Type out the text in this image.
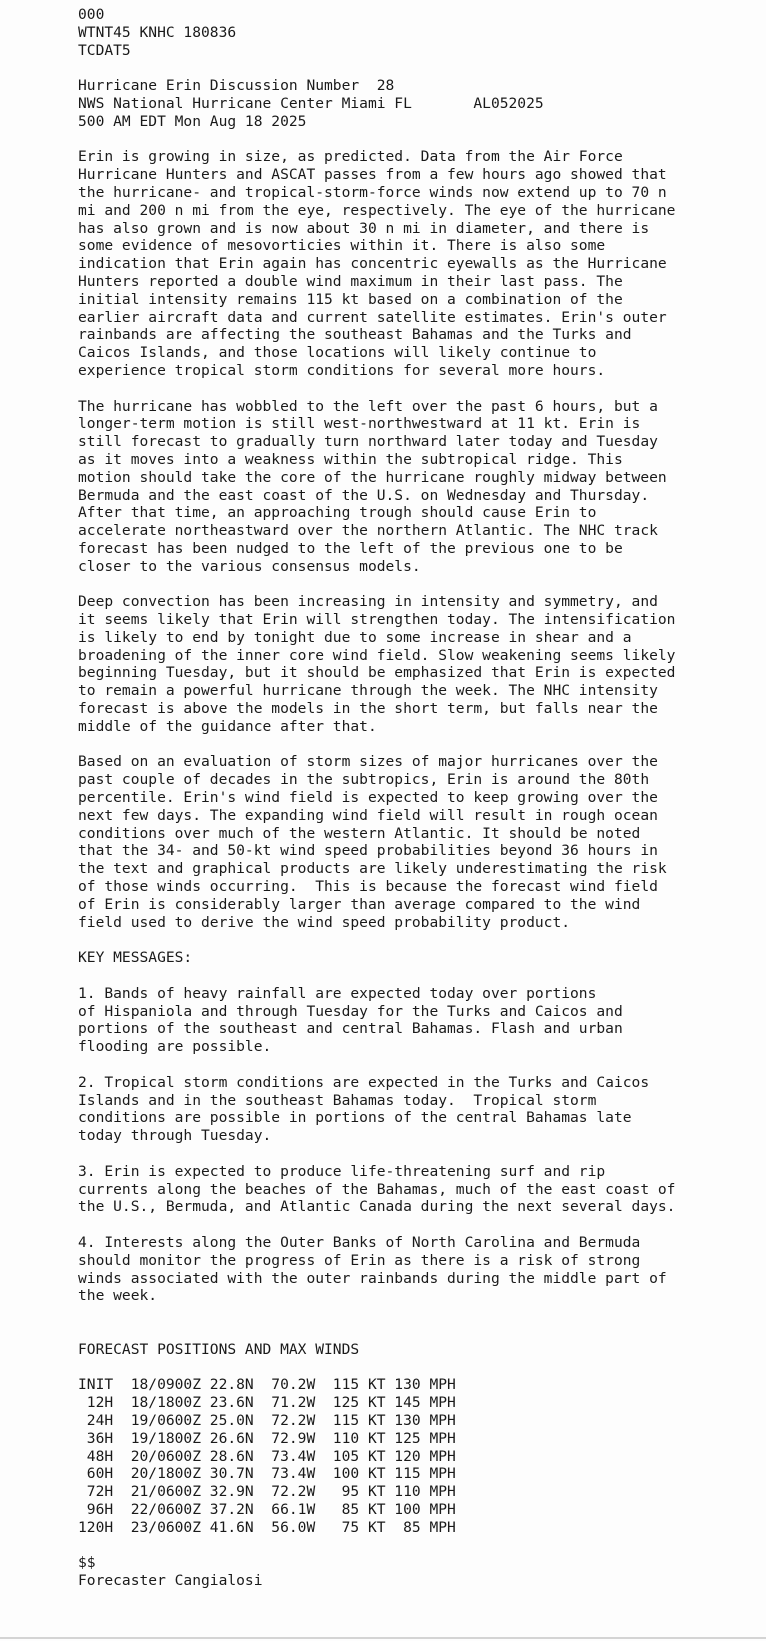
000
WTNT45 KNHC 180836
TCDAT5
Hurricane Erin Discussion Number  28
NWS National Hurricane Center Miami FL       AL052025
500 AM EDT Mon Aug 18 2025
Erin is growing in size, as predicted. Data from the Air Force
Hurricane Hunters and ASCAT passes from a few hours ago showed that
the hurricane- and tropical-storm-force winds now extend up to 70 n
mi and 200 n mi from the eye, respectively. The eye of the hurricane
has also grown and is now about 30 n mi in diameter, and there is
some evidence of mesovorticies within it. There is also some
indication that Erin again has concentric eyewalls as the Hurricane
Hunters reported a double wind maximum in their last pass. The
initial intensity remains 115 kt based on a combination of the
earlier aircraft data and current satellite estimates. Erin's outer
rainbands are affecting the southeast Bahamas and the Turks and
Caicos Islands, and those locations will likely continue to
experience tropical storm conditions for several more hours.
The hurricane has wobbled to the left over the past 6 hours, but a
longer-term motion is still west-northwestward at 11 kt. Erin is
still forecast to gradually turn northward later today and Tuesday
as it moves into a weakness within the subtropical ridge. This
motion should take the core of the hurricane roughly midway between
Bermuda and the east coast of the U.S. on Wednesday and Thursday.
After that time, an approaching trough should cause Erin to
accelerate northeastward over the northern Atlantic. The NHC track
forecast has been nudged to the left of the previous one to be
closer to the various consensus models.
Deep convection has been increasing in intensity and symmetry, and
it seems likely that Erin will strengthen today. The intensification
is likely to end by tonight due to some increase in shear and a
broadening of the inner core wind field. Slow weakening seems likely
beginning Tuesday, but it should be emphasized that Erin is expected
to remain a powerful hurricane through the week. The NHC intensity
forecast is above the models in the short term, but falls near the
middle of the guidance after that.
Based on an evaluation of storm sizes of major hurricanes over the
past couple of decades in the subtropics, Erin is around the 80th
percentile. Erin's wind field is expected to keep growing over the
next few days. The expanding wind field will result in rough ocean
conditions over much of the western Atlantic. It should be noted
that the 34- and 50-kt wind speed probabilities beyond 36 hours in
the text and graphical products are likely underestimating the risk
of those winds occurring.  This is because the forecast wind field
of Erin is considerably larger than average compared to the wind
field used to derive the wind speed probability product.
KEY MESSAGES:
1. Bands of heavy rainfall are expected today over portions
of Hispaniola and through Tuesday for the Turks and Caicos and
portions of the southeast and central Bahamas. Flash and urban
flooding are possible.
2. Tropical storm conditions are expected in the Turks and Caicos
Islands and in the southeast Bahamas today.  Tropical storm
conditions are possible in portions of the central Bahamas late
today through Tuesday.
3. Erin is expected to produce life-threatening surf and rip
currents along the beaches of the Bahamas, much of the east coast of
the U.S., Bermuda, and Atlantic Canada during the next several days.
4. Interests along the Outer Banks of North Carolina and Bermuda
should monitor the progress of Erin as there is a risk of strong
winds associated with the outer rainbands during the middle part of
the week.
FORECAST POSITIONS AND MAX WINDS
INIT  18/0900Z 22.8N  70.2W  115 KT 130 MPH
12H  18/1800Z 23.6N  71.2W  125 KT 145 MPH
24H  19/0600Z 25.0N  72.2W  115 KT 130 MPH
36H  19/1800Z 26.6N  72.9W  110 KT 125 MPH
48H  20/0600Z 28.6N  73.4W  105 KT 120 MPH
60H  20/1800Z 30.7N  73.4W  100 KT 115 MPH
72H  21/0600Z 32.9N  72.2W   95 KT 110 MPH
96H  22/0600Z 37.2N  66.1W   85 KT 100 MPH
120H  23/0600Z 41.6N  56.0W   75 KT  85 MPH
$$
Forecaster Cangialosi
